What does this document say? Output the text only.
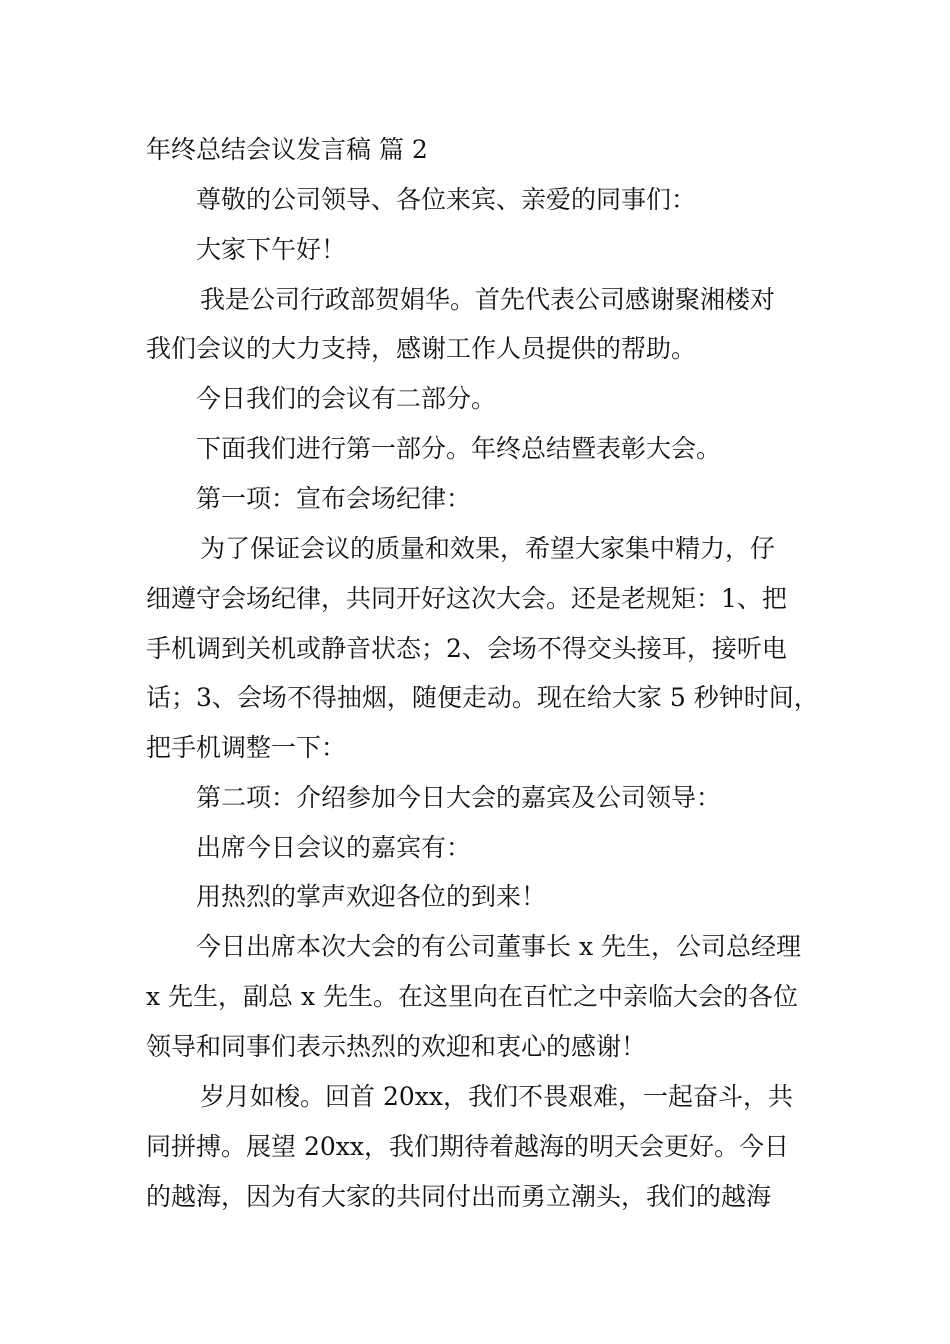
年终总结会议发言稿 篇 2
尊敬的公司领导、各位来宾、亲爱的同事们：
大家下午好！
我是公司行政部贺娟华。首先代表公司感谢聚湘楼对
我们会议的大力支持，感谢工作人员提供的帮助。
今日我们的会议有二部分。
下面我们进行第一部分。年终总结暨表彰大会。
第一项：宣布会场纪律：
为了保证会议的质量和效果，希望大家集中精力，仔
细遵守会场纪律，共同开好这次大会。还是老规矩：1、把
手机调到关机或静音状态；2、会场不得交头接耳，接听电
话；3、会场不得抽烟，随便走动。现在给大家 5 秒钟时间，
把手机调整一下：
第二项：介绍参加今日大会的嘉宾及公司领导：
出席今日会议的嘉宾有：
用热烈的掌声欢迎各位的到来！
今日出席本次大会的有公司董事长 x 先生，公司总经理
x 先生，副总 x 先生。在这里向在百忙之中亲临大会的各位
领导和同事们表示热烈的欢迎和衷心的感谢！
岁月如梭。回首 20xx，我们不畏艰难，一起奋斗，共
同拼搏。展望 20xx，我们期待着越海的明天会更好。今日
的越海，因为有大家的共同付出而勇立潮头，我们的越海
